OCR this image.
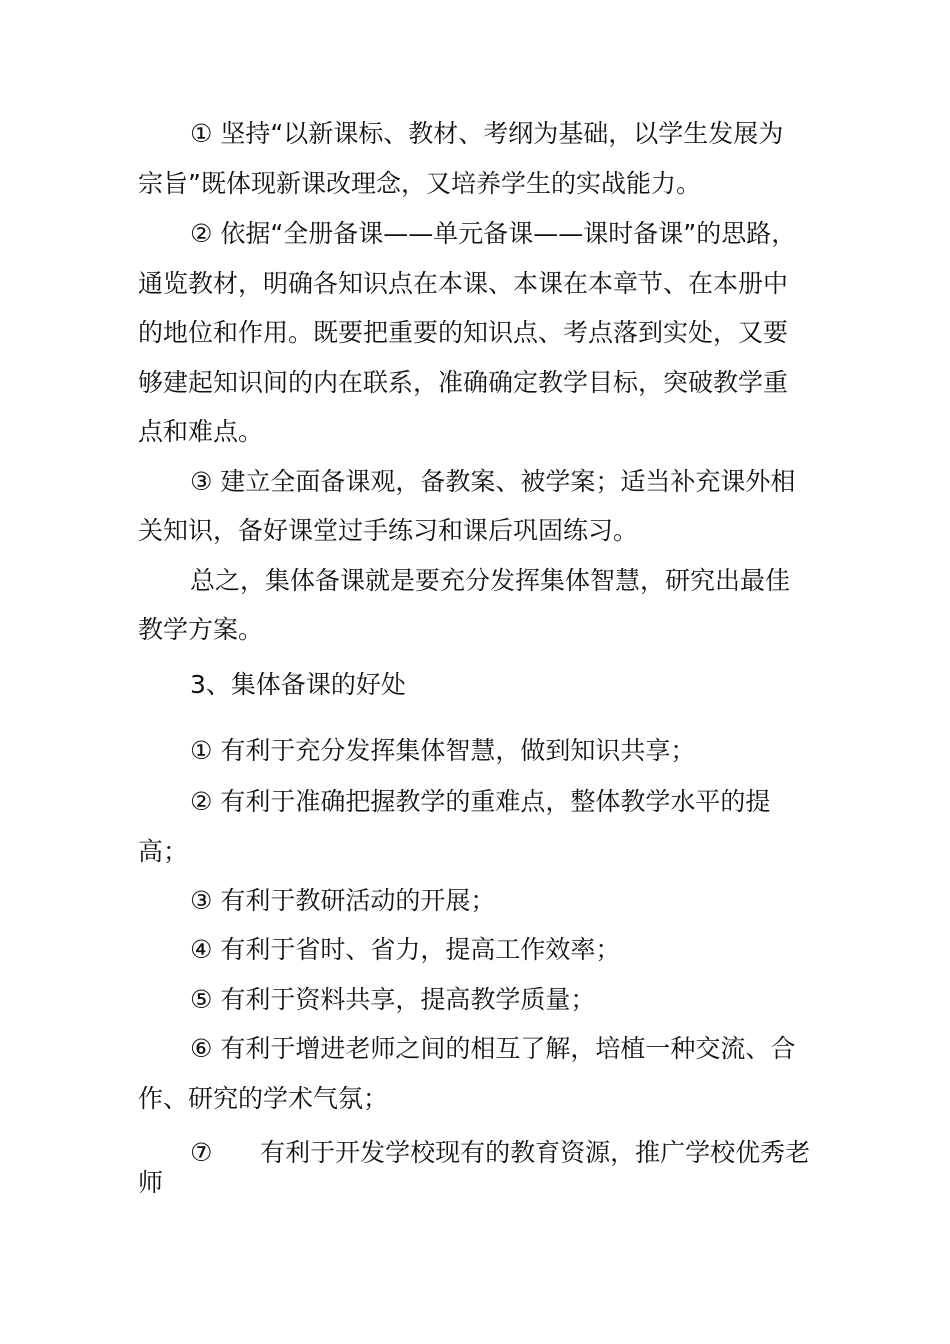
① 坚持“以新课标、教材、考纲为基础，以学生发展为

宗旨”既体现新课改理念，又培养学生的实战能力。

② 依据“全册备课——单元备课——课时备课”的思路，

通览教材，明确各知识点在本课、本课在本章节、在本册中

的地位和作用。既要把重要的知识点、考点落到实处，又要

够建起知识间的内在联系，准确确定教学目标，突破教学重

点和难点。

③ 建立全面备课观，备教案、被学案；适当补充课外相

关知识，备好课堂过手练习和课后巩固练习。

总之，集体备课就是要充分发挥集体智慧，研究出最佳

教学方案。

3、集体备课的好处

① 有利于充分发挥集体智慧，做到知识共享；

② 有利于准确把握教学的重难点，整体教学水平的提

高；

③ 有利于教研活动的开展；

④ 有利于省时、省力，提高工作效率；

⑤ 有利于资料共享，提高教学质量；

⑥ 有利于增进老师之间的相互了解，培植一种交流、合

作、研究的学术气氛；

⑦      有利于开发学校现有的教育资源，推广学校优秀老

师
